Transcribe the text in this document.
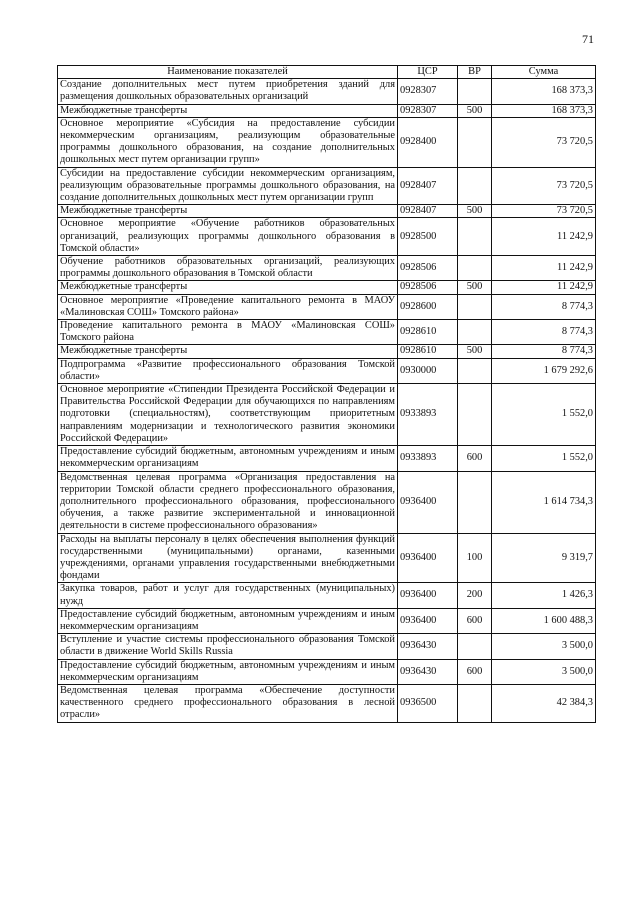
71
Наименование показателей	ЦСР	ВР	Сумма
Создание дополнительных мест путем приобретения зданий для размещения дошкольных образовательных организаций	0928307		168 373,3
Межбюджетные трансферты	0928307	500	168 373,3
Основное мероприятие «Субсидия на предоставление субсидии некоммерческим организациям, реализующим образовательные программы дошкольного образования, на создание дополнительных дошкольных мест путем организации групп»	0928400		73 720,5
Субсидии на предоставление субсидии некоммерческим организациям, реализующим образовательные программы дошкольного образования, на создание дополнительных дошкольных мест путем организации групп	0928407		73 720,5
Межбюджетные трансферты	0928407	500	73 720,5
Основное мероприятие «Обучение работников образовательных организаций, реализующих программы дошкольного образования в Томской области»	0928500		11 242,9
Обучение работников образовательных организаций, реализующих программы дошкольного образования в Томской области	0928506		11 242,9
Межбюджетные трансферты	0928506	500	11 242,9
Основное мероприятие «Проведение капитального ремонта в МАОУ «Малиновская СОШ» Томского района»	0928600		8 774,3
Проведение капитального ремонта в МАОУ «Малиновская СОШ» Томского района	0928610		8 774,3
Межбюджетные трансферты	0928610	500	8 774,3
Подпрограмма «Развитие профессионального образования Томской области»	0930000		1 679 292,6
Основное мероприятие «Стипендии Президента Российской Федерации и Правительства Российской Федерации для обучающихся по направлениям подготовки (специальностям), соответствующим приоритетным направлениям модернизации и технологического развития экономики Российской Федерации»	0933893		1 552,0
Предоставление субсидий бюджетным, автономным учреждениям и иным некоммерческим организациям	0933893	600	1 552,0
Ведомственная целевая программа «Организация предоставления на территории Томской области среднего профессионального образования, дополнительного профессионального образования, профессионального обучения, а также развитие экспериментальной и инновационной деятельности в системе профессионального образования»	0936400		1 614 734,3
Расходы на выплаты персоналу в целях обеспечения выполнения функций государственными (муниципальными) органами, казенными учреждениями, органами управления государственными внебюджетными фондами	0936400	100	9 319,7
Закупка товаров, работ и услуг для государственных (муниципальных) нужд	0936400	200	1 426,3
Предоставление субсидий бюджетным, автономным учреждениям и иным некоммерческим организациям	0936400	600	1 600 488,3
Вступление и участие системы профессионального образования Томской области в движение World Skills Russia	0936430		3 500,0
Предоставление субсидий бюджетным, автономным учреждениям и иным некоммерческим организациям	0936430	600	3 500,0
Ведомственная целевая программа «Обеспечение доступности качественного среднего профессионального образования в лесной отрасли»	0936500		42 384,3
